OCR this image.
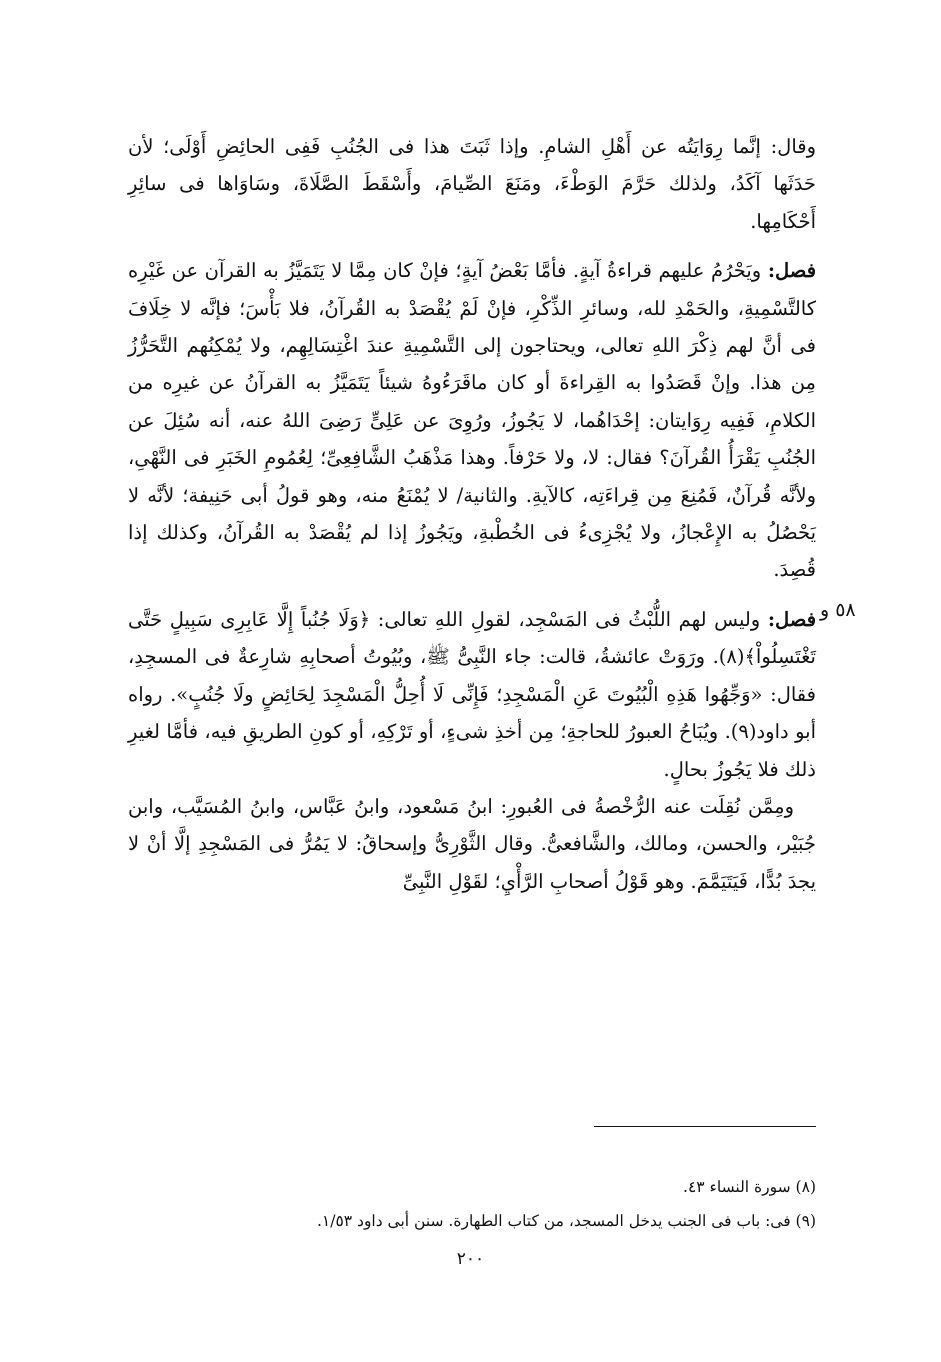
وقال: إنَّما رِوَايَتُه عن أَهْلِ الشامِ. وإذا ثَبَتَ هذا فى الجُنُبِ فَفِى الحائِضِ أَوْلَى؛ لأن حَدَثَها آكَدُ، ولذلك حَرَّمَ الوَطْءَ، ومَنَعَ الصِّيامَ، وأَسْقَطَ الصَّلَاةَ، وسَاوَاها فى سائِرِ أَحْكَامِها.

فصل: ويَحْرُمُ عليهم قراءةُ آيةٍ. فأمَّا بَعْضُ آيةٍ؛ فإنْ كان مِمَّا لا يَتَمَيَّزُ به القرآن عن غَيْرِه كالتَّسْمِيةِ، والحَمْدِ لله، وسائرِ الذِّكْرِ، فإنْ لَمْ يُقْصَدْ به القُرآنُ، فلا بَأْسَ؛ فإنَّه لا خِلَافَ فى أنَّ لهم ذِكْرَ اللهِ تعالى، ويحتاجون إلى التَّسْمِيةِ عندَ اغْتِسَالِهِم، ولا يُمْكِنُهم التَّحَرُّزُ مِن هذا. وإنْ قَصَدُوا به القِراءةَ أو كان ماقَرَءُوهُ شيئاً يَتَمَيَّزُ به القرآنُ عن غيرِه من الكلامِ، فَفِيه رِوَايتان: إحْدَاهُما، لا يَجُوزُ، ورُوِىَ عن عَلِىٍّ رَضِىَ اللهُ عنه، أنه سُئِلَ عن الجُنُبِ يَقْرَأُ القُرآنَ؟ فقال: لا، ولا حَرْفاً. وهذا مَذْهَبُ الشَّافِعِىِّ؛ لِعُمُومِ الخَبَرِ فى النَّهْىِ، ولأنَّه قُرآنٌ، فَمُنِعَ مِن قِراءَتِه، كالآيةِ. والثانية/ لا يُمْنَعُ منه، وهو قولُ أبى حَنِيفة؛ لأنَّه لا يَحْصُلُ به الإِعْجازُ، ولا يُجْزِىءُ فى الخُطْبةِ، ويَجُوزُ إذا لم يُقْصَدْ به القُرآنُ، وكذلك إذا قُصِدَ.

فصل: وليس لهم اللُّبْثُ فى المَسْجِد، لقولِ اللهِ تعالى: ﴿وَلَا جُنُباً إِلَّا عَابِرِى سَبِيلٍ حَتَّى تَغْتَسِلُواْ﴾(٨). ورَوَتْ عائشةُ، قالت: جاء النَّبِىُّ ﷺ، وبُيُوتُ أصحابِهِ شارِعةٌ فى المسجِدِ، فقال: «وَجِّهُوا هَذِهِ الْبُيُوتَ عَنِ الْمَسْجِدِ؛ فَإِنِّى لَا أُحِلُّ الْمَسْجِدَ لِحَائِضٍ ولَا جُنُبٍ». رواه أبو داود(٩). ويُبَاحُ العبورُ للحاجةِ؛ مِن أخذِ شىءٍ، أو تَرْكِهِ، أو كونِ الطريقِ فيه، فأمَّا لغيرِ ذلك فلا يَجُوزُ بحالٍ.

ومِمَّن نُقِلَت عنه الرُّخْصةُ فى العُبورِ: ابنُ مَسْعود، وابنُ عَبَّاس، وابنُ المُسَيَّب، وابن جُبَيْر، والحسن، ومالك، والشَّافعىُّ. وقال الثَّوْرِىُّ وإسحاقُ: لا يَمُرُّ فى المَسْجِدِ إلَّا أنْ لا يجدَ بُدًّا، فَيَتَيَمَّمَ. وهو قَوْلُ أصحابِ الرَّأْيِ؛ لقَوْلِ النَّبِىِّ

٥٨ و

(٨) سورة النساء ٤٣.

(٩) فى: باب فى الجنب يدخل المسجد، من كتاب الطهارة. سنن أبى داود ١/٥٣.

٢٠٠
